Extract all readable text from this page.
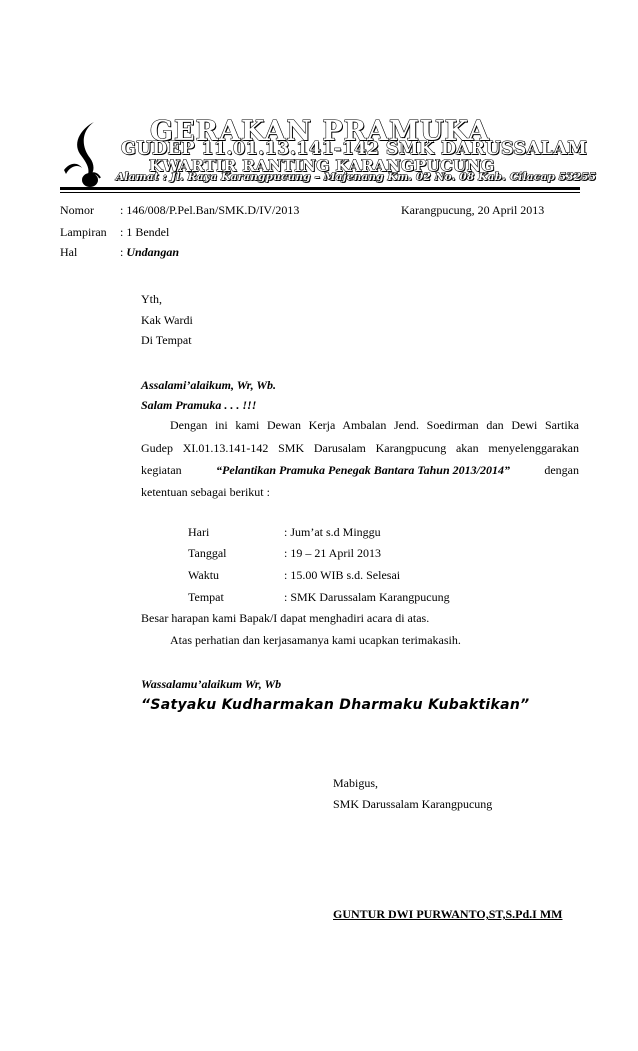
GERAKAN PRAMUKA
GUDEP 11.01.13.141-142 SMK DARUSSALAM
KWARTIR RANTING KARANGPUCUNG
Alamat : Jl. Raya Karangpucung – Majenang Km. 02 No. 08 Kab. Cilacap 53255
Nomor : 146/008/P.Pel.Ban/SMK.D/IV/2013	Karangpucung, 20 April 2013
Lampiran : 1 Bendel
Hal	: Undangan
Yth,
Kak Wardi
Di Tempat
Assalami’alaikum, Wr, Wb.
Salam Pramuka . . . !!!
Dengan ini kami Dewan Kerja Ambalan Jend. Soedirman dan Dewi Sartika
Gudep XI.01.13.141-142 SMK Darusalam Karangpucung akan menyelenggarakan
kegiatan	“Pelantikan Pramuka Penegak Bantara Tahun 2013/2014”	dengan
ketentuan sebagai berikut :
Hari	: Jum’at s.d Minggu
Tanggal	: 19 – 21 April 2013
Waktu	: 15.00 WIB s.d. Selesai
Tempat	: SMK Darussalam Karangpucung
Besar harapan kami Bapak/I dapat menghadiri acara di atas.
Atas perhatian dan kerjasamanya kami ucapkan terimakasih.
Wassalamu’alaikum Wr, Wb
“Satyaku Kudharmakan Dharmaku Kubaktikan”
Mabigus,
SMK Darussalam Karangpucung
GUNTUR DWI PURWANTO,ST,S.Pd.I MM
